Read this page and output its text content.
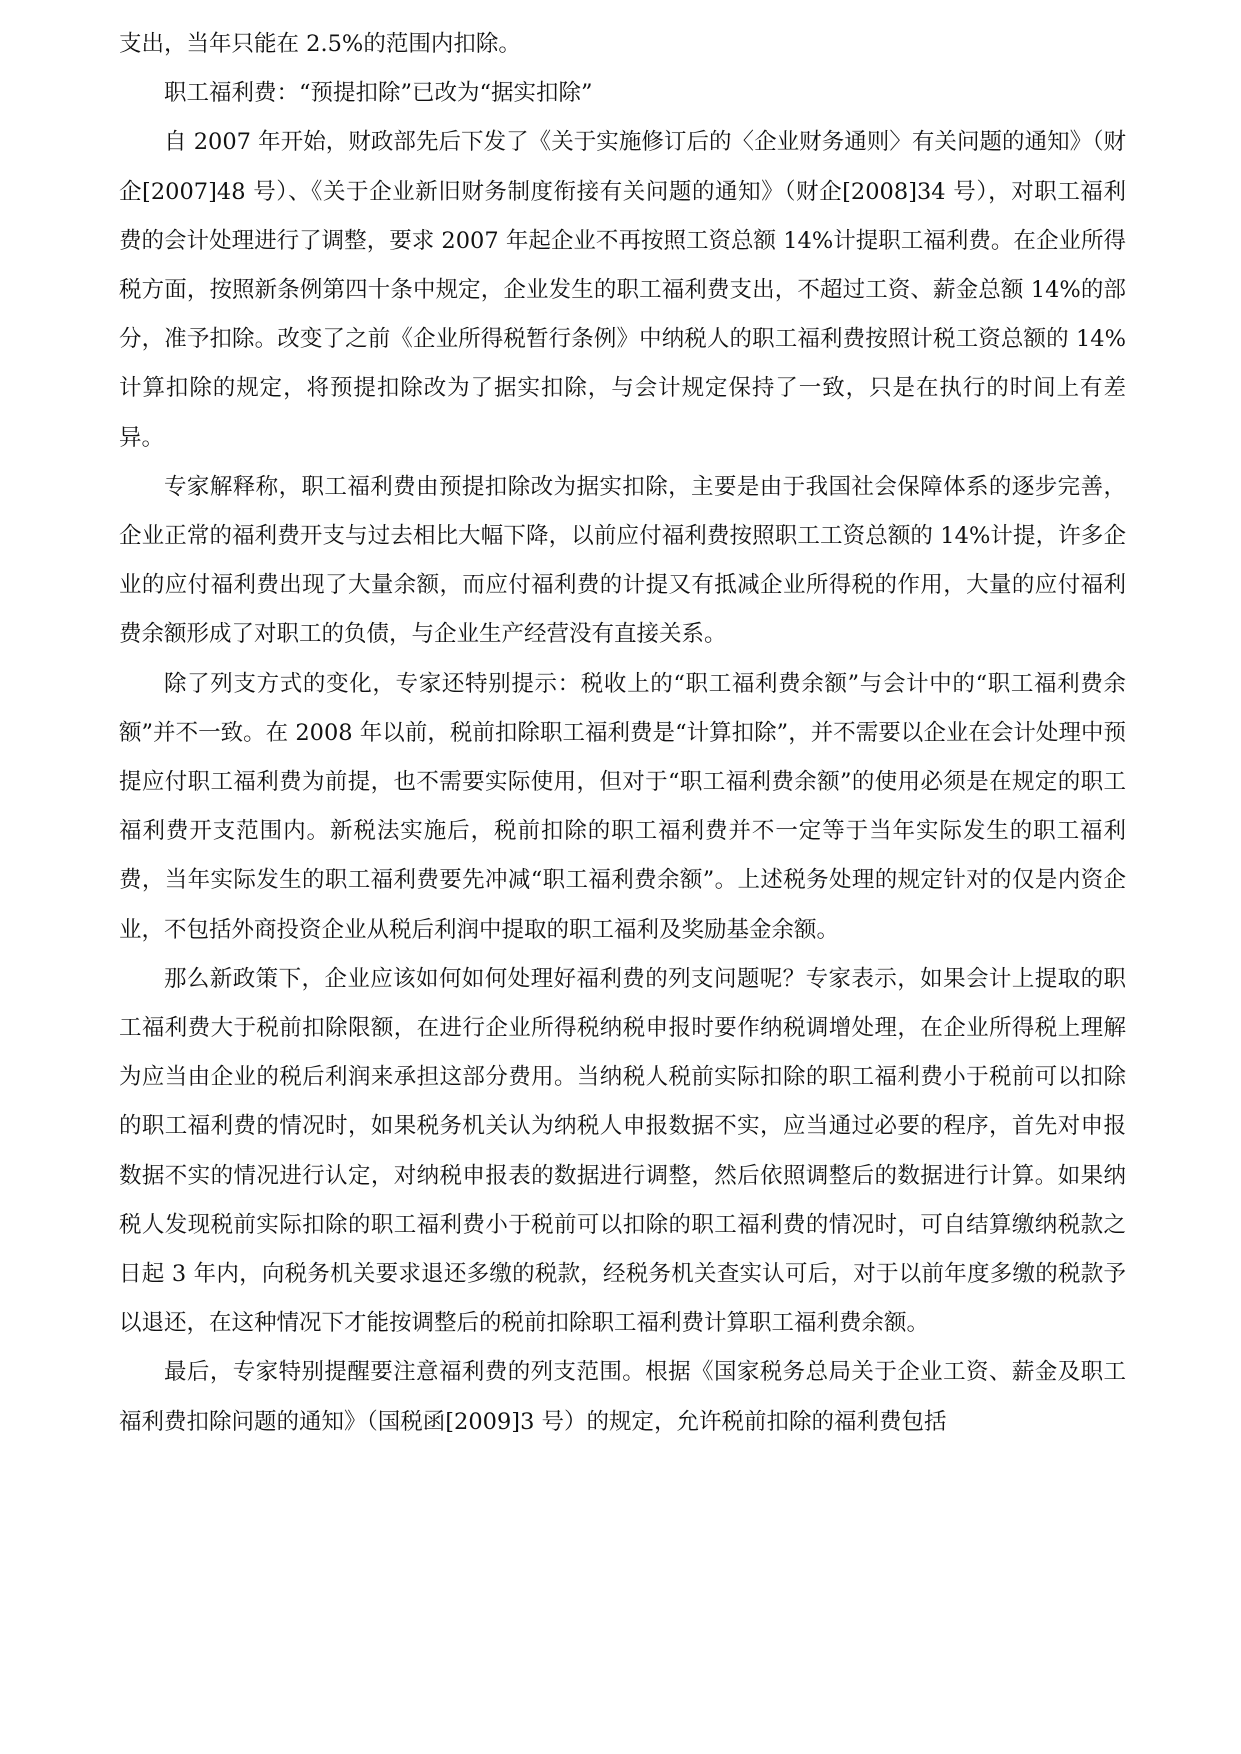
支出，当年只能在 2.5%的范围内扣除。

职工福利费：“预提扣除”已改为“据实扣除”

自 2007 年开始，财政部先后下发了《关于实施修订后的〈企业财务通则〉有关问题的通知》（财企[2007]48 号）、《关于企业新旧财务制度衔接有关问题的通知》（财企[2008]34 号），对职工福利费的会计处理进行了调整，要求 2007 年起企业不再按照工资总额 14%计提职工福利费。在企业所得税方面，按照新条例第四十条中规定，企业发生的职工福利费支出，不超过工资、薪金总额 14%的部分，准予扣除。改变了之前《企业所得税暂行条例》中纳税人的职工福利费按照计税工资总额的 14%计算扣除的规定，将预提扣除改为了据实扣除，与会计规定保持了一致，只是在执行的时间上有差异。

专家解释称，职工福利费由预提扣除改为据实扣除，主要是由于我国社会保障体系的逐步完善，企业正常的福利费开支与过去相比大幅下降，以前应付福利费按照职工工资总额的 14%计提，许多企业的应付福利费出现了大量余额，而应付福利费的计提又有抵减企业所得税的作用，大量的应付福利费余额形成了对职工的负债，与企业生产经营没有直接关系。

除了列支方式的变化，专家还特别提示：税收上的“职工福利费余额”与会计中的“职工福利费余额”并不一致。在 2008 年以前，税前扣除职工福利费是“计算扣除”，并不需要以企业在会计处理中预提应付职工福利费为前提，也不需要实际使用，但对于“职工福利费余额”的使用必须是在规定的职工福利费开支范围内。新税法实施后，税前扣除的职工福利费并不一定等于当年实际发生的职工福利费，当年实际发生的职工福利费要先冲减“职工福利费余额”。上述税务处理的规定针对的仅是内资企业，不包括外商投资企业从税后利润中提取的职工福利及奖励基金余额。

那么新政策下，企业应该如何如何处理好福利费的列支问题呢？专家表示，如果会计上提取的职工福利费大于税前扣除限额，在进行企业所得税纳税申报时要作纳税调增处理，在企业所得税上理解为应当由企业的税后利润来承担这部分费用。当纳税人税前实际扣除的职工福利费小于税前可以扣除的职工福利费的情况时，如果税务机关认为纳税人申报数据不实，应当通过必要的程序，首先对申报数据不实的情况进行认定，对纳税申报表的数据进行调整，然后依照调整后的数据进行计算。如果纳税人发现税前实际扣除的职工福利费小于税前可以扣除的职工福利费的情况时，可自结算缴纳税款之日起 3 年内，向税务机关要求退还多缴的税款，经税务机关查实认可后，对于以前年度多缴的税款予以退还，在这种情况下才能按调整后的税前扣除职工福利费计算职工福利费余额。

最后，专家特别提醒要注意福利费的列支范围。根据《国家税务总局关于企业工资、薪金及职工福利费扣除问题的通知》（国税函[2009]3 号）的规定，允许税前扣除的福利费包括
